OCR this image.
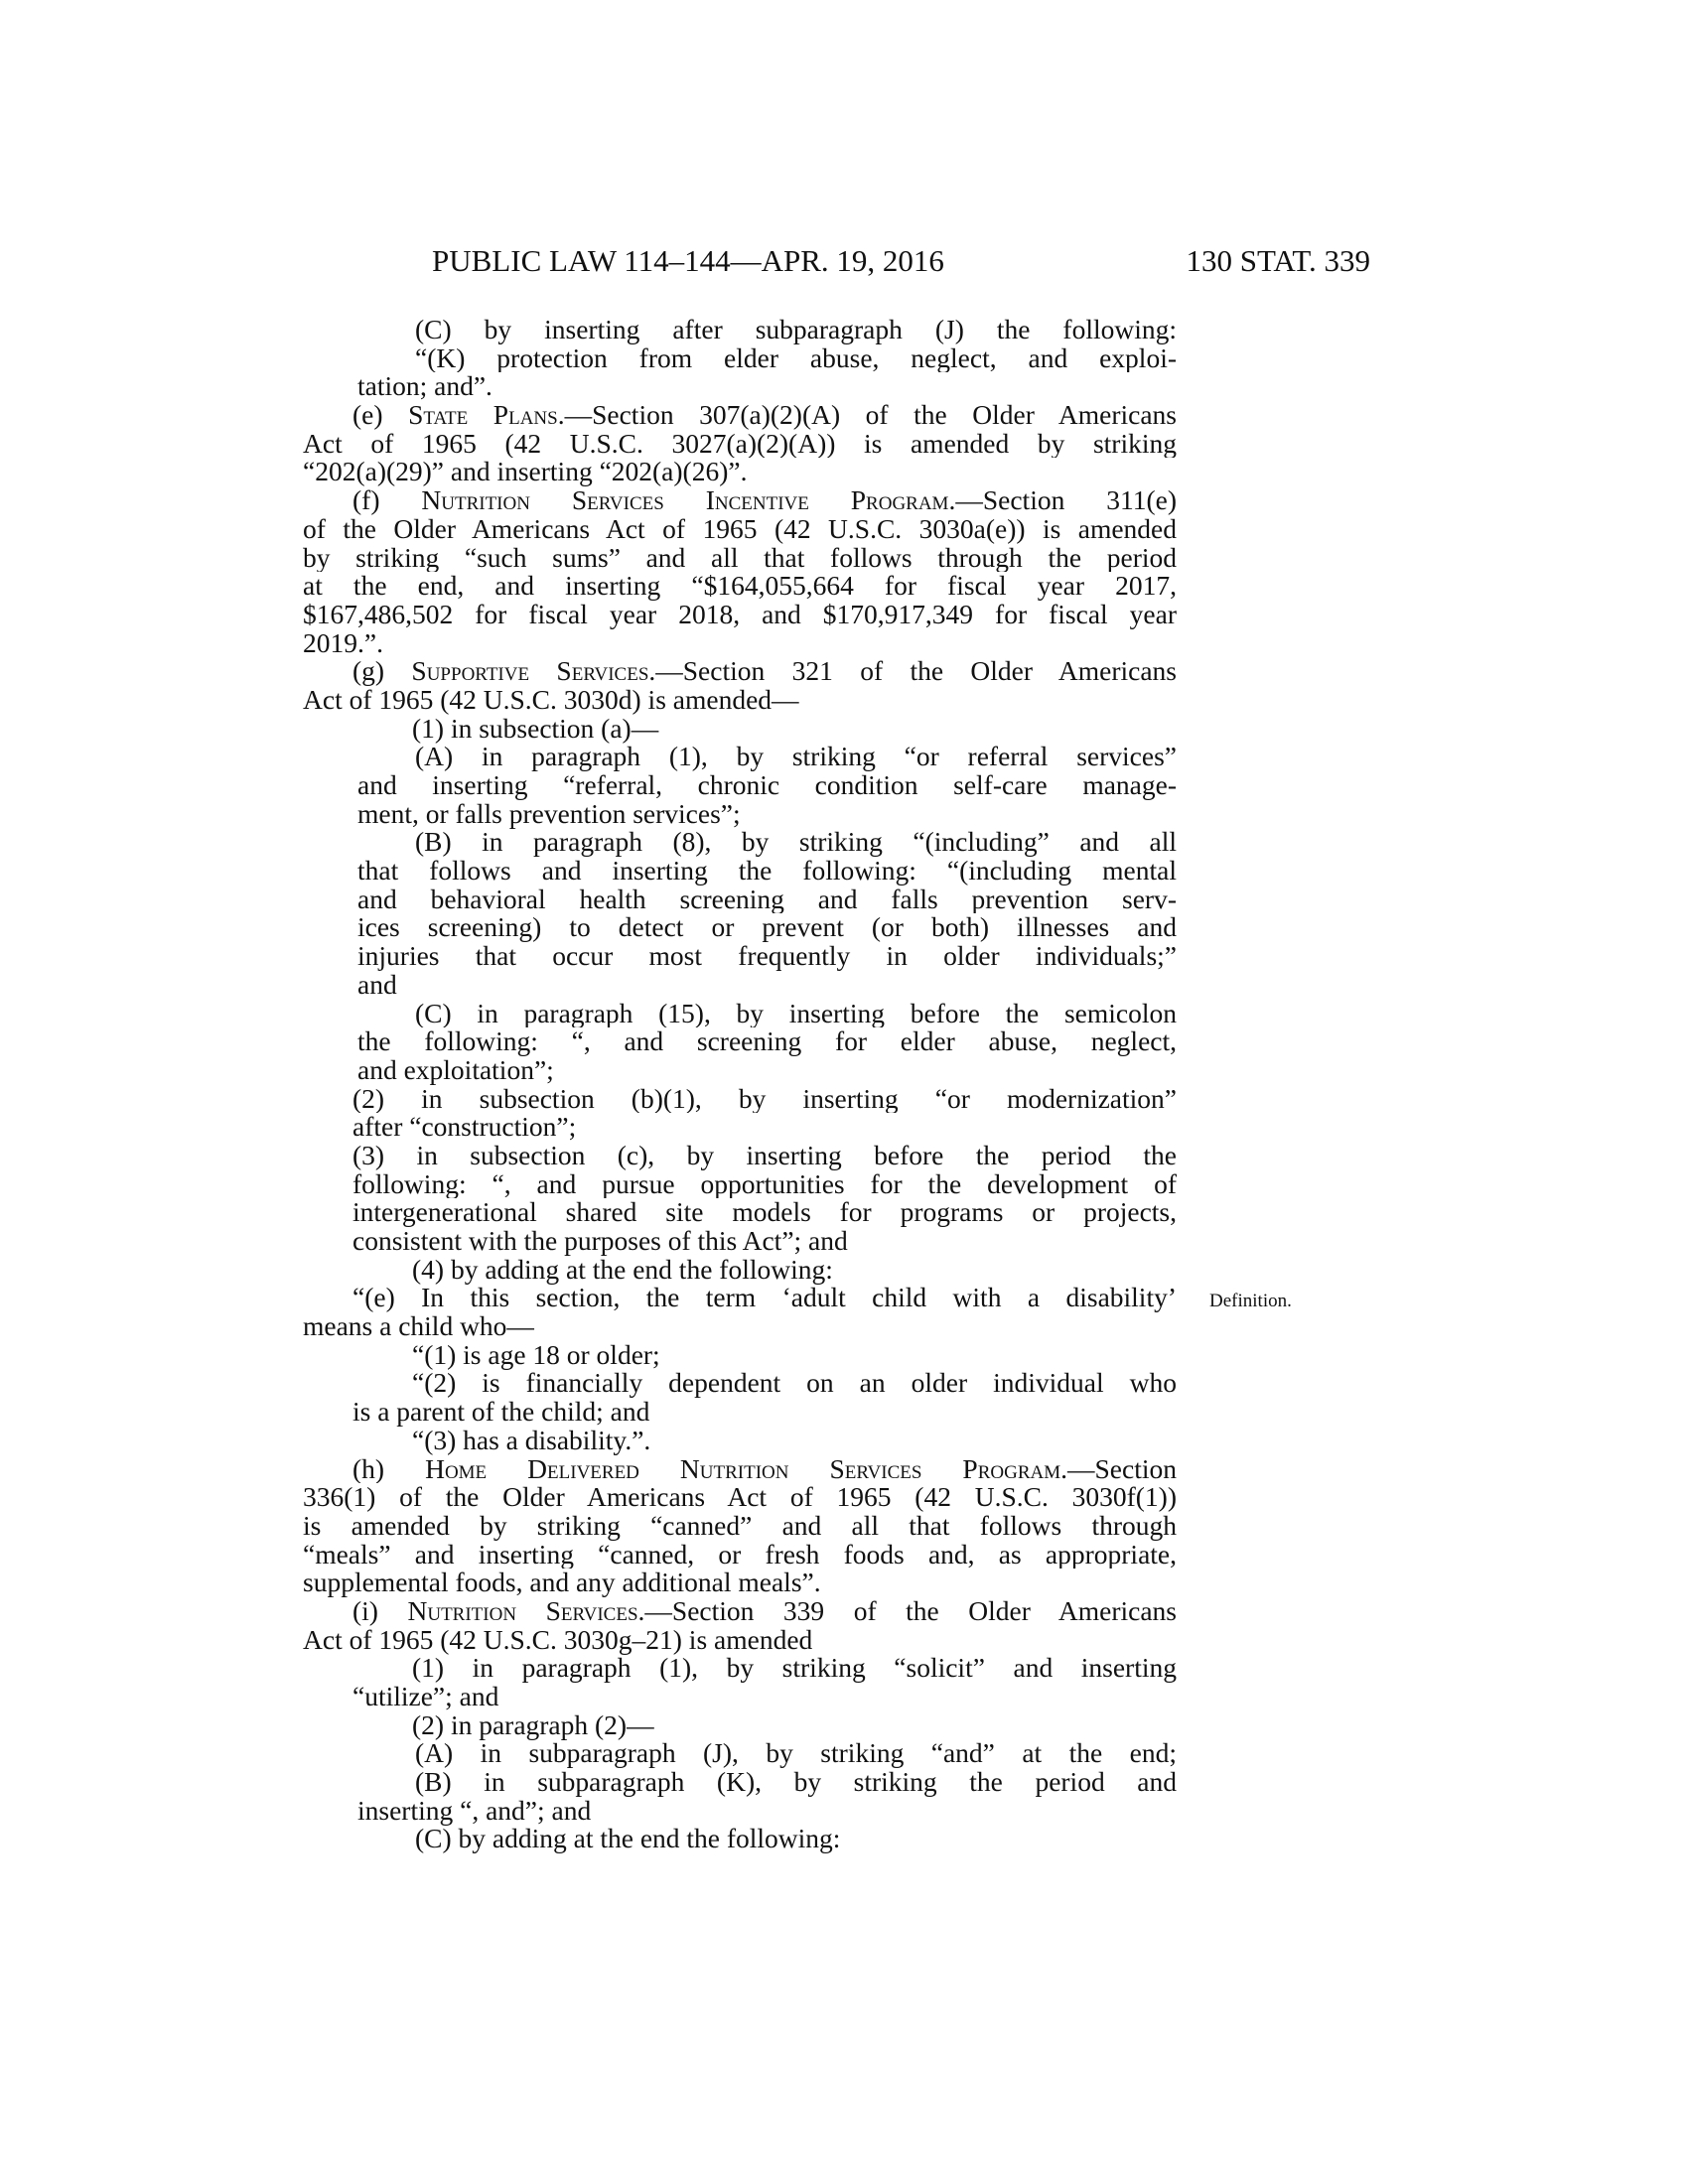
PUBLIC LAW 114–144—APR. 19, 2016	130 STAT. 339
(C) by inserting after subparagraph (J) the following:
“(K) protection from elder abuse, neglect, and exploi-
tation; and”.
(e) State Plans.—Section 307(a)(2)(A) of the Older Americans
Act of 1965 (42 U.S.C. 3027(a)(2)(A)) is amended by striking
“202(a)(29)” and inserting “202(a)(26)”.
(f) Nutrition Services Incentive Program.—Section 311(e)
of the Older Americans Act of 1965 (42 U.S.C. 3030a(e)) is amended
by striking “such sums” and all that follows through the period
at the end, and inserting “$164,055,664 for fiscal year 2017,
$167,486,502 for fiscal year 2018, and $170,917,349 for fiscal year
2019.”.
(g) Supportive Services.—Section 321 of the Older Americans
Act of 1965 (42 U.S.C. 3030d) is amended—
(1) in subsection (a)—
(A) in paragraph (1), by striking “or referral services”
and inserting “referral, chronic condition self-care manage-
ment, or falls prevention services”;
(B) in paragraph (8), by striking “(including” and all
that follows and inserting the following: “(including mental
and behavioral health screening and falls prevention serv-
ices screening) to detect or prevent (or both) illnesses and
injuries that occur most frequently in older individuals;”
and
(C) in paragraph (15), by inserting before the semicolon
the following: “, and screening for elder abuse, neglect,
and exploitation”;
(2) in subsection (b)(1), by inserting “or modernization”
after “construction”;
(3) in subsection (c), by inserting before the period the
following: “, and pursue opportunities for the development of
intergenerational shared site models for programs or projects,
consistent with the purposes of this Act”; and
(4) by adding at the end the following:
“(e) In this section, the term ‘adult child with a disability’
means a child who—
“(1) is age 18 or older;
“(2) is financially dependent on an older individual who
is a parent of the child; and
“(3) has a disability.”.
(h) Home Delivered Nutrition Services Program.—Section
336(1) of the Older Americans Act of 1965 (42 U.S.C. 3030f(1))
is amended by striking “canned” and all that follows through
“meals” and inserting “canned, or fresh foods and, as appropriate,
supplemental foods, and any additional meals”.
(i) Nutrition Services.—Section 339 of the Older Americans
Act of 1965 (42 U.S.C. 3030g–21) is amended
(1) in paragraph (1), by striking “solicit” and inserting
“utilize”; and
(2) in paragraph (2)—
(A) in subparagraph (J), by striking “and” at the end;
(B) in subparagraph (K), by striking the period and
inserting “, and”; and
(C) by adding at the end the following:
Definition.
